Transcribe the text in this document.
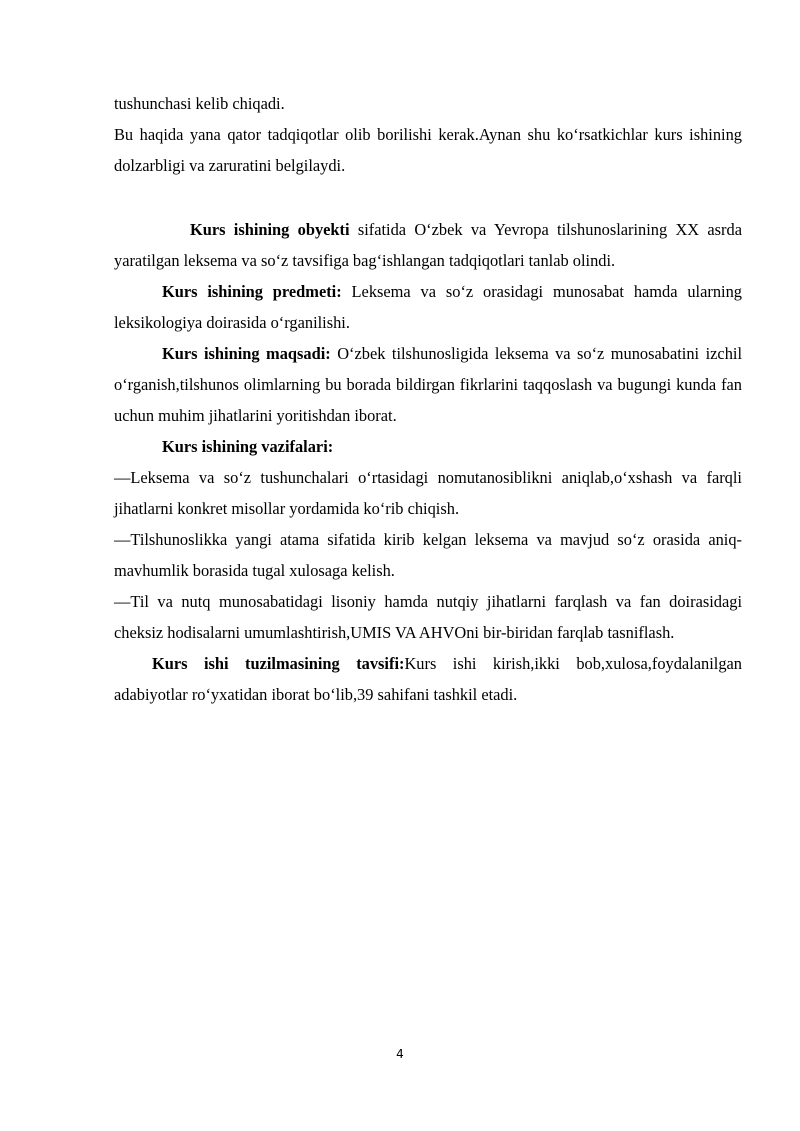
tushunchasi kelib chiqadi.

Bu haqida yana qator tadqiqotlar olib borilishi kerak.Aynan shu ko‘rsatkichlar kurs ishining dolzarbligi va zaruratini belgilaydi.

Kurs ishining obyekti sifatida O‘zbek va Yevropa tilshunoslarining XX asrda yaratilgan leksema va so‘z tavsifiga bag‘ishlangan tadqiqotlari tanlab olindi.

Kurs ishining predmeti: Leksema va so‘z orasidagi munosabat hamda ularning leksikologiya doirasida o‘rganilishi.

Kurs ishining maqsadi: O‘zbek tilshunosligida leksema va so‘z munosabatini izchil o‘rganish,tilshunos olimlarning bu borada bildirgan fikrlarini taqqoslash va bugungi kunda fan uchun muhim jihatlarini yoritishdan iborat.

Kurs ishining vazifalari:

—Leksema va so‘z tushunchalari o‘rtasidagi nomutanosiblikni aniqlab,o‘xshash va farqli jihatlarni konkret misollar yordamida ko‘rib chiqish.

—Tilshunoslikka yangi atama sifatida kirib kelgan leksema va mavjud so‘z orasida aniq-mavhumlik borasida tugal xulosaga kelish.

—Til va nutq munosabatidagi lisoniy hamda nutqiy jihatlarni farqlash va fan doirasidagi cheksiz hodisalarni umumlashtirish,UMIS VA AHVOni bir-biridan farqlab tasniflash.

Kurs ishi tuzilmasining tavsifi:Kurs ishi kirish,ikki bob,xulosa,foydalanilgan adabiyotlar ro‘yxatidan iborat bo‘lib,39 sahifani tashkil etadi.

4
